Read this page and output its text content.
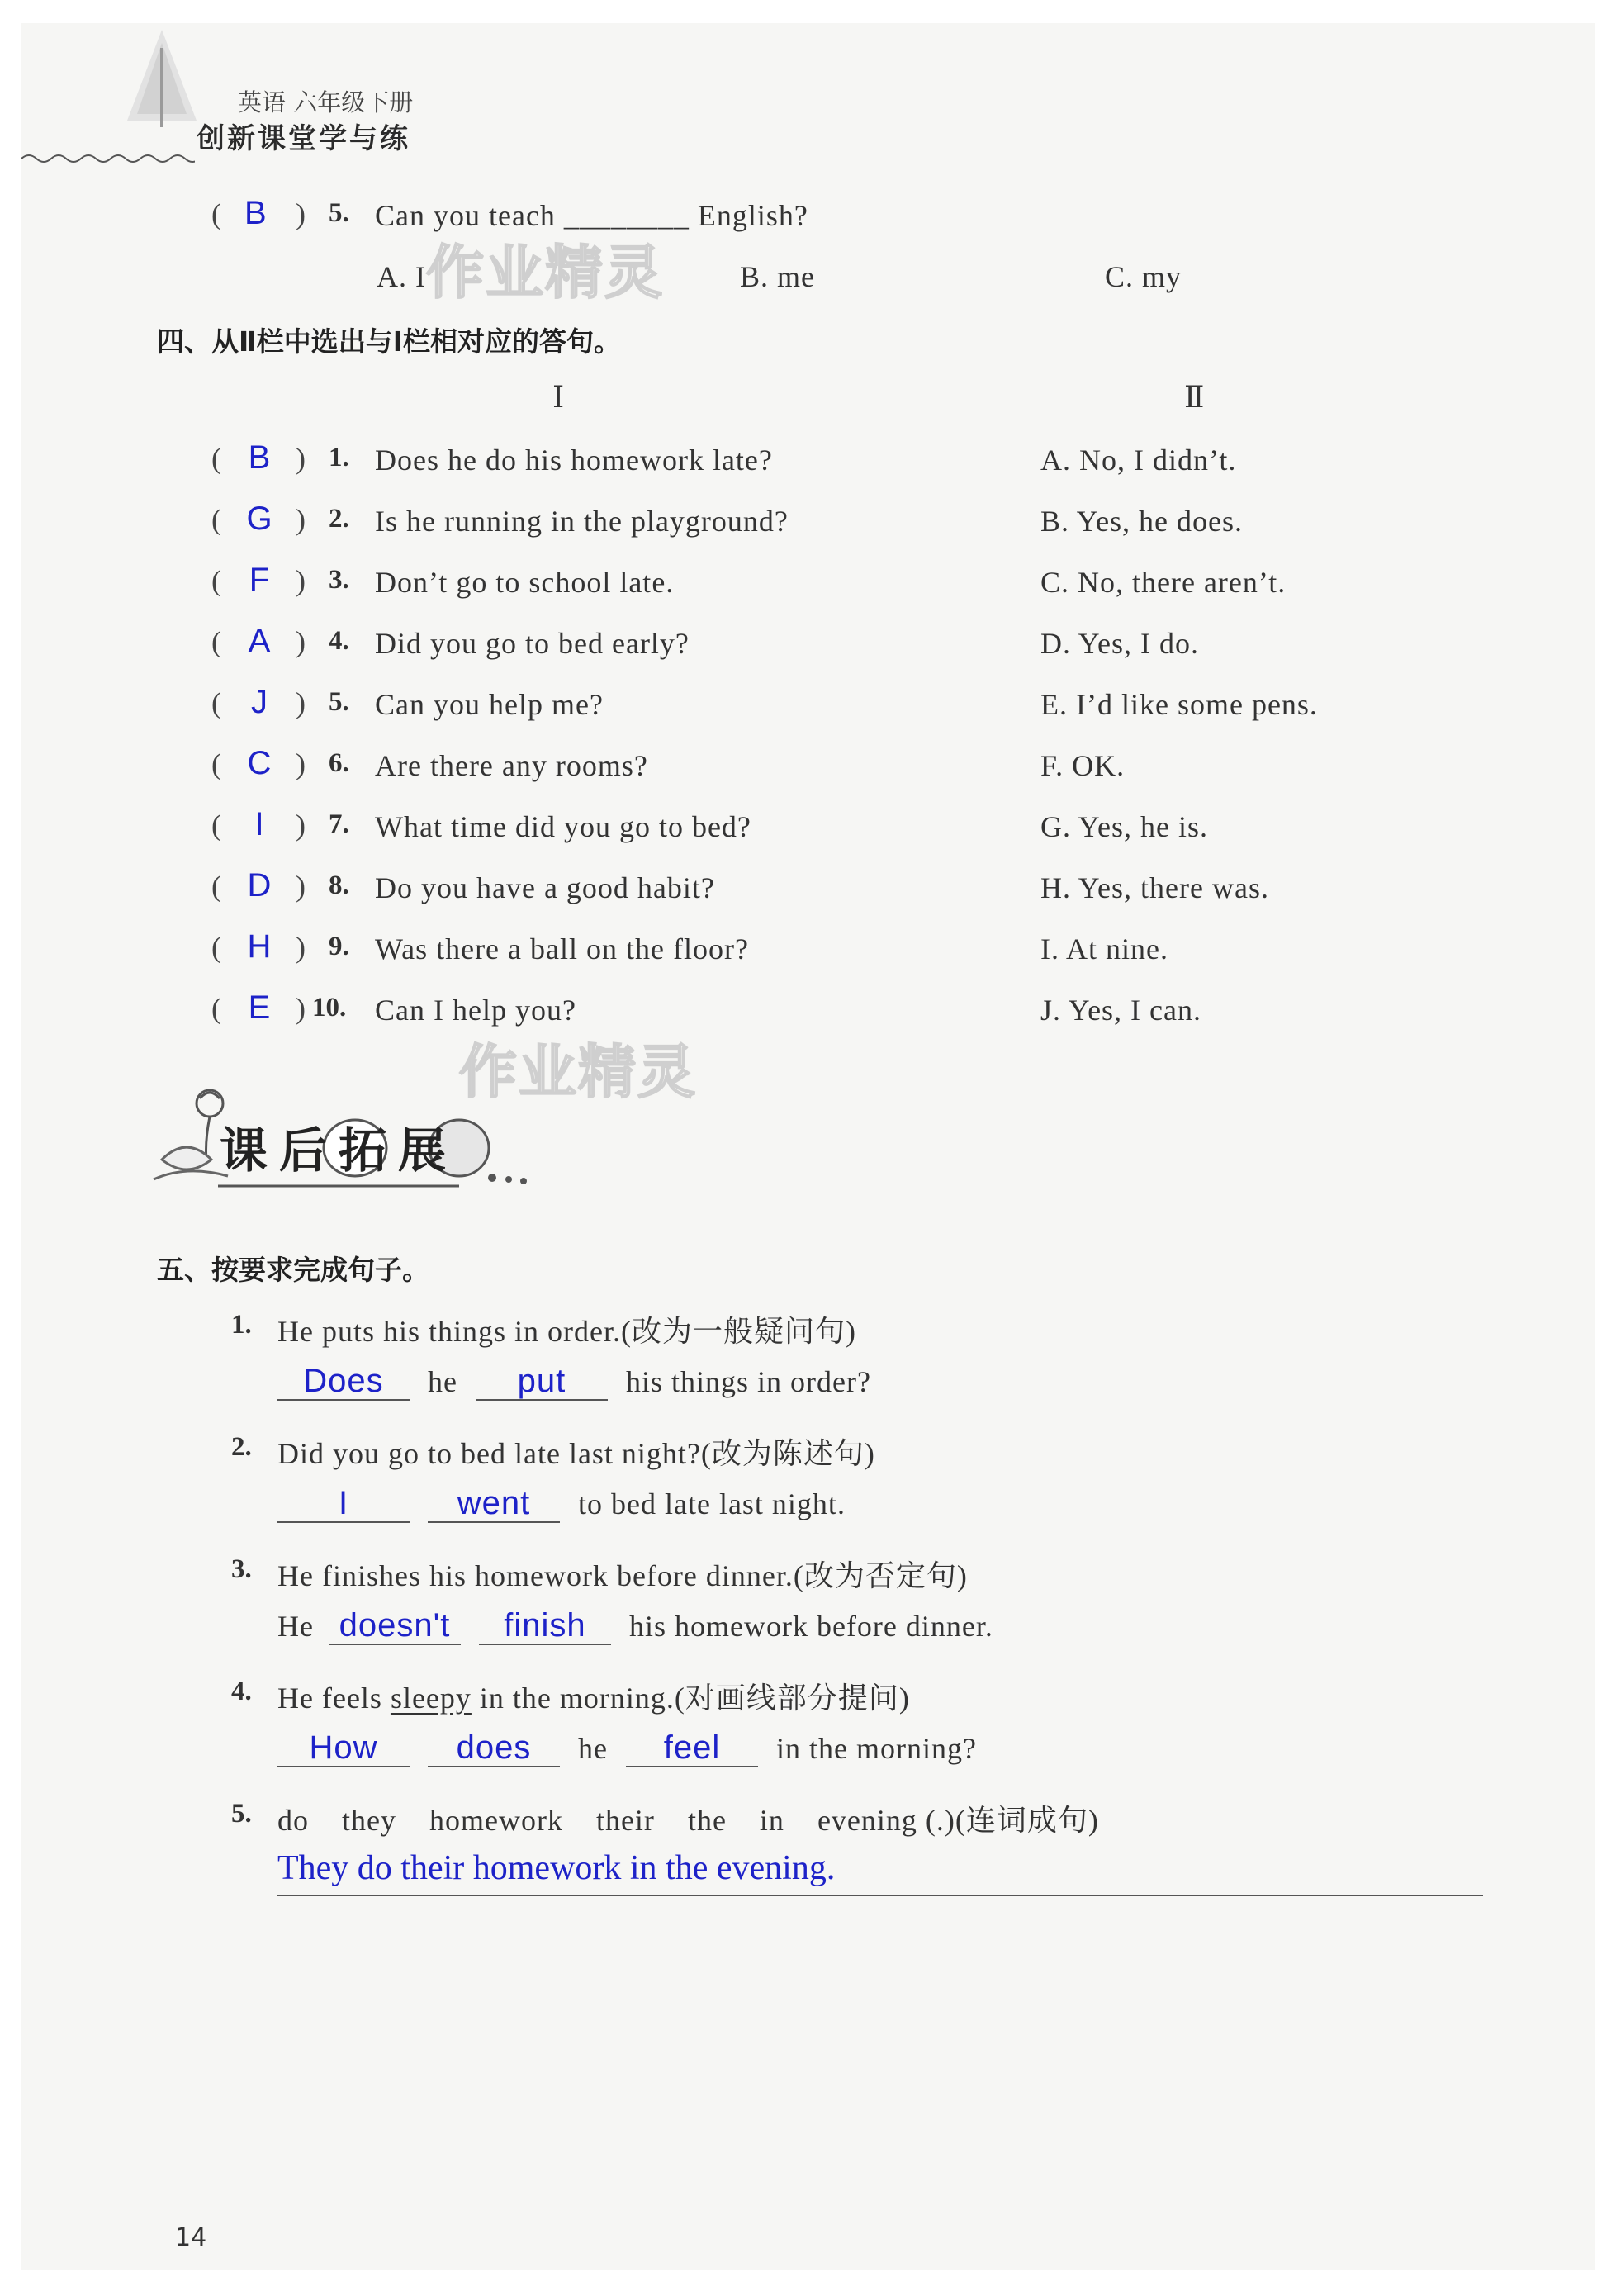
英语 六年级下册
创新课堂学与练
( B ) 5. Can you teach ________ English?
A. I	B. me	C. my
作业精灵
四、从Ⅱ栏中选出与Ⅰ栏相对应的答句。
Ⅰ	Ⅱ
( B ) 1. Does he do his homework late?	A. No, I didn’t.
( G ) 2. Is he running in the playground?	B. Yes, he does.
( F ) 3. Don’t go to school late.	C. No, there aren’t.
( A ) 4. Did you go to bed early?	D. Yes, I do.
( J ) 5. Can you help me?	E. I’d like some pens.
( C ) 6. Are there any rooms?	F. OK.
(	I	) 7. What time did you go to bed?	G. Yes, he is.
( D ) 8. Do you have a good habit?	H. Yes, there was.
( H ) 9. Was there a ball on the floor?	I. At nine.
( E ) 10. Can I help you?	J. Yes, I can.
作业精灵
课后拓展
五、按要求完成句子。
1. He puts his things in order.(改为一般疑问句)
Does he put his things in order?
2. Did you go to bed late last night?(改为陈述句)
I	went to bed late last night.
3. He finishes his homework before dinner.(改为否定句)
He doesn't finish his homework before dinner.
4. He feels sleepy in the morning.(对画线部分提问)
How does he feel in the morning?
5. do they homework their the in evening (.)(连词成句)
They do their homework in the evening.
14
